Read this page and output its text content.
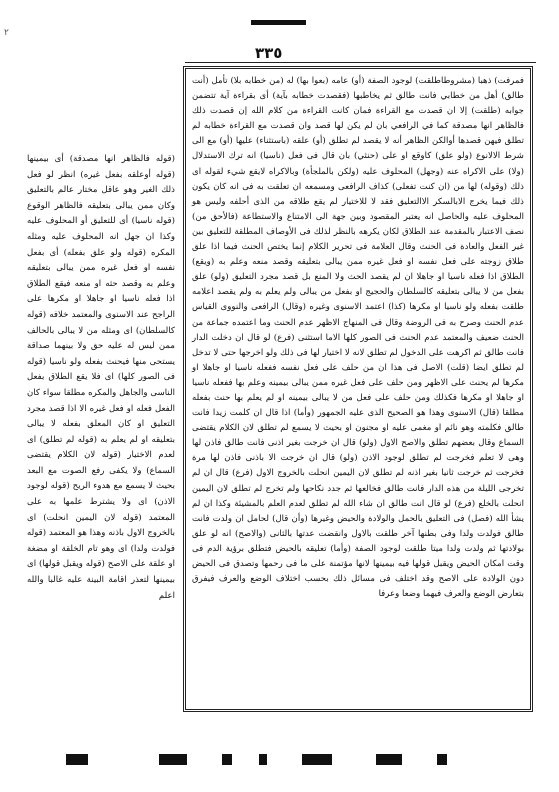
٢
٣٣٥

فمرفت) ذهبا (مشروطاطلقت) لوجود الصفة (أو) عامه (بعوا بها) له (من خطابه بلا) تأمل (أنت طالق) أهل من خطابي فانت طالق ثم يخاطبها (فقصدت خطابه بآية) أى بقراءة آية تتضمن جوابه (طلقت) إلا ان قصدت مع القراءة فمان كانت القراءة من كلام الله إن قصدت ذلك فالظاهر انها مصدقة كما في الرافعي بان لم يكن لها قصد وان قصدت مع القراءة خطابه لم تطلق فيهن قصدها أوالكن الظاهر أنه لا يقصد لم تطلق (أو) علقه (باستثناء) عليها (أو) مع الى شرط الالانوع (ولو علق) كاوقع او على (حنثي) بان قال فى فعل (ناسيا) انه ترك الاستدلال (ولا) على الاكراه عنه (وجهل) المحلوف عليه (ولكن بالملجأة) وبالاكراه لايقع شيء لقوله اى ذلك (وقوله) لها من (ان كنت تفعلى) كذاف الرافعى ومسمعه ان تعلقت به فى انه كان يكون ذلك فيما يخرج الابالسكر الاالتعليق فقد لا للاختيار لم يقع طلاقه من الذى أحلفه وليس هو المحلوف عليه والحاصل انه يعتبر المقصود وبين جهة الى الامتناع والاستطاعة (فالأحق من) نصف الاعتبار بالمقدمة عند الطلاق لكان يكرهه بالنظر لذلك فى الأوصاف المطلقة للتعليق بين غير الفعل والعادة فى الحنث وقال العلامة فى تحرير الكلام إنما يختص الحنث فيما اذا علق طلاق زوجته على فعل نفسه او فعل غيره ممن يبالى بتعليقه وقصد منعه وعلم به (ويقع) الطلاق اذا فعله ناسيا او جاهلا ان لم يقصد الحث ولا المنع بل قصد مجرد التعليق (ولو) علق بفعل من لا يبالى بتعليقه كالسلطان والحجيج او بفعل من يبالى ولم يعلم به ولم يقصد اعلامه طلقت بفعله ولو ناسيا او مكرها (كذا) اعتمد الاسنوى وغيره (وقال) الرافعى والنووى القياس عدم الحنث وصرح به فى الروضة وقال فى المنهاج الاظهر عدم الحنث وما اعتمده جماعة من الحنث ضعيف والمعتمد عدم الحنث فى الصور كلها الاما استثنى (فرع) لو قال ان دخلت الدار فانت طالق ثم اكرهت على الدخول لم تطلق لانه لا اختيار لها فى ذلك ولو اخرجها حتى لا تدخل لم تطلق ايضا (قلت) الاصل فى هذا ان من حلف على فعل نفسه ففعله ناسيا او جاهلا او مكرها لم يحنث على الاظهر ومن حلف على فعل غيره ممن يبالى بيمينه وعلم بها ففعله ناسيا او جاهلا او مكرها فكذلك ومن حلف على فعل من لا يبالى بيمينه او لم يعلم بها حنث بفعله مطلقا (قال) الاسنوى وهذا هو الصحيح الذى عليه الجمهور (وأما) اذا قال ان كلمت زيدا فانت طالق فكلمته وهو نائم او مغمى عليه او مجنون او بحيث لا يسمع لم تطلق لان الكلام يقتضى السماع وقال بعضهم تطلق والاصح الاول (ولو) قال ان خرجت بغير اذنى فانت طالق فاذن لها وهى لا تعلم فخرجت لم تطلق لوجود الاذن (ولو) قال ان خرجت الا باذنى فاذن لها مرة فخرجت ثم خرجت ثانيا بغير اذنه لم تطلق لان اليمين انحلت بالخروج الاول (فرع) قال ان لم تخرجى الليلة من هذه الدار فانت طالق فخالعها ثم جدد نكاحها ولم تخرج لم تطلق لان اليمين انحلت بالخلع (فرع) لو قال انت طالق ان شاء الله لم تطلق لعدم العلم بالمشيئة وكذا ان لم يشأ الله (فصل) فى التعليق بالحمل والولادة والحيض وغيرها (وأن قال) لحامل ان ولدت فانت طالق فولدت ولدا وفى بطنها آخر طلقت بالاول وانقضت عدتها بالثانى (والاصح) انه لو علق بولادتها ثم ولدت ولدا ميتا طلقت لوجود الصفة (وأما) تعليقه بالحيض فتطلق برؤية الدم فى وقت امكان الحيض ويقبل قولها فيه بيمينها لانها مؤتمنة على ما فى رحمها وتصدق فى الحيض دون الولادة على الاصح وقد اختلف فى مسائل ذلك بحسب اختلاف الوضع والعرف فيفرق بتعارض الوضع والعرف فيهما وضعا وعرفا

(قوله فالظاهر انها مصدقة) أى بيمينها (قوله أوعلقه بفعل غيره) انظر لو فعل ذلك الغير وهو عاقل مختار عالم بالتعليق وكان ممن يبالى بتعليقه فالظاهر الوقوع (قوله ناسيا) أى للتعليق أو المحلوف عليه وكذا ان جهل انه المحلوف عليه ومثله المكره (قوله ولو علق بفعله) أى بفعل نفسه او فعل غيره ممن يبالى بتعليقه وعلم به وقصد حثه او منعه فيقع الطلاق اذا فعله ناسيا او جاهلا او مكرها على الراجح عند الاسنوى والمعتمد خلافه (قوله كالسلطان) اى ومثله من لا يبالى بالحالف ممن ليس له عليه حق ولا بينهما صداقة يستحى منها فيحنث بفعله ولو ناسيا (قوله فى الصور كلها) اى فلا يقع الطلاق بفعل الناسى والجاهل والمكره مطلقا سواء كان الفعل فعله او فعل غيره الا اذا قصد مجرد التعليق او كان المعلق بفعله لا يبالى بتعليقه او لم يعلم به (قوله لم تطلق) اى لعدم الاختيار (قوله لان الكلام يقتضى السماع) ولا يكفى رفع الصوت مع البعد بحيث لا يسمع مع هدوء الريح (قوله لوجود الاذن) اى ولا يشترط علمها به على المعتمد (قوله لان اليمين انحلت) اى بالخروج الاول باذنه وهذا هو المعتمد (قوله فولدت ولدا) اى وهو تام الخلقة او مضغة او علقة على الاصح (قوله ويقبل قولها) اى بيمينها لتعذر اقامة البينة عليه غالبا والله اعلم
